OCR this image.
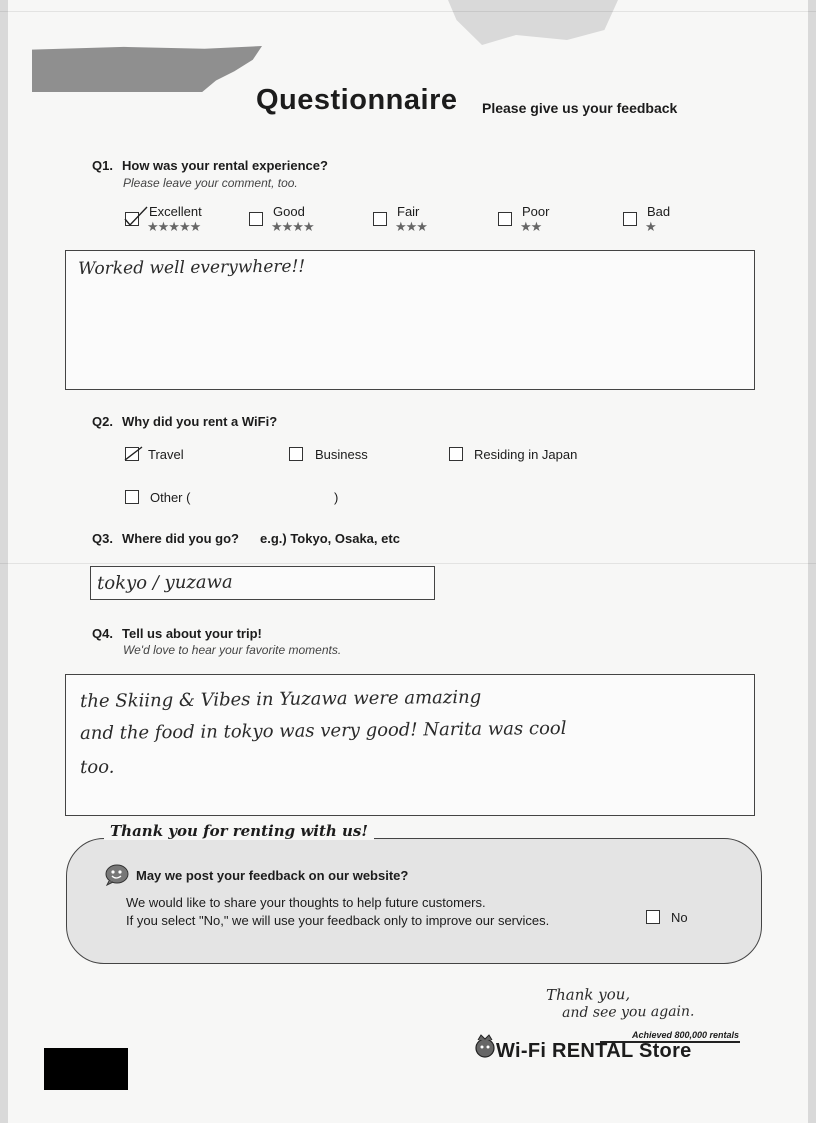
Questionnaire Please give us your feedback
Q1. How was your rental experience?
Please leave your comment, too.
Excellent
★★★★★
Good
★★★★
Fair
★★★
Poor
★★
Bad
★
Worked well everywhere!!
Q2. Why did you rent a WiFi?
Travel	Business	Residing in Japan
Other (	)
Q3. Where did you go? e.g.) Tokyo, Osaka, etc
tokyo / yuzawa
Q4. Tell us about your trip!
We'd love to hear your favorite moments.
the Skiing & Vibes in Yuzawa were amazing
and the food in tokyo was very good! Narita was cool
too.
Thank you for renting with us!
May we post your feedback on our website?
We would like to share your thoughts to help future customers.
If you select "No," we will use your feedback only to improve our services.	No
Thank you,
and see you again.
Achieved 800,000 rentals
Wi-Fi RENTAL Store
